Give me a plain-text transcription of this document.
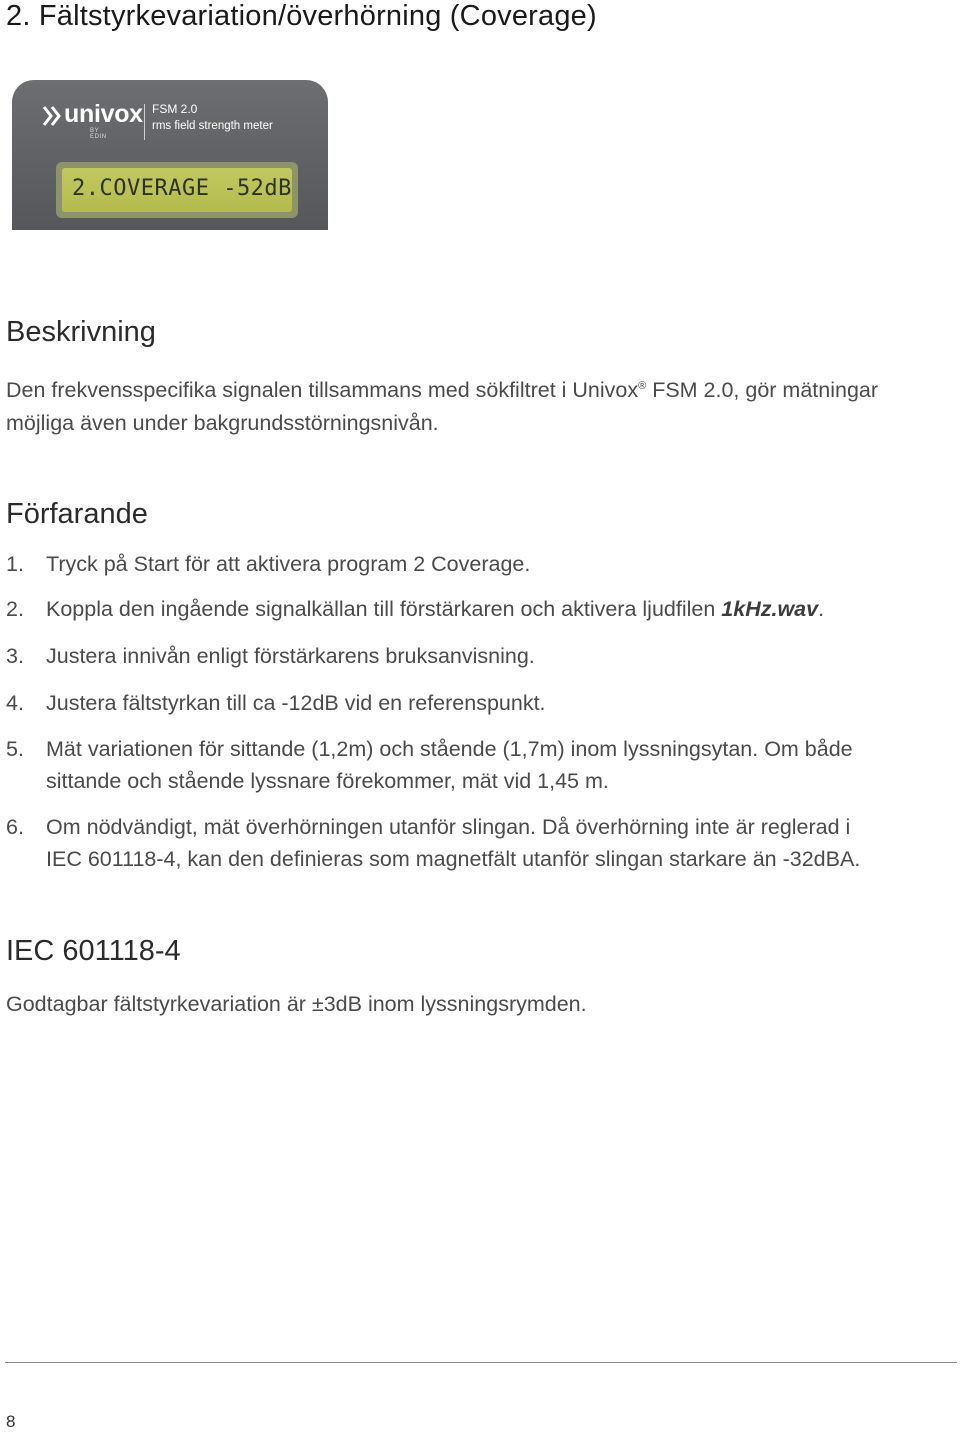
2. Fältstyrkevariation/överhörning (Coverage)
univox
BY EDIN
FSM 2.0
rms field strength meter
2.COVERAGE -52dB
Beskrivning

Den frekvensspecifika signalen tillsammans med sökfiltret i Univox® FSM 2.0, gör mätningar
möjliga även under bakgrundsstörningsnivån.

Förfarande
1.	Tryck på Start för att aktivera program 2 Coverage.
2.	Koppla den ingående signalkällan till förstärkaren och aktivera ljudfilen 1kHz.wav.
3.	Justera innivån enligt förstärkarens bruksanvisning.
4.	Justera fältstyrkan till ca -12dB vid en referenspunkt.
5.	Mät variationen för sittande (1,2m) och stående (1,7m) inom lyssningsytan. Om både
sittande och stående lyssnare förekommer, mät vid 1,45 m.
6.	Om nödvändigt, mät överhörningen utanför slingan. Då överhörning inte är reglerad i
IEC 601118-4, kan den definieras som magnetfält utanför slingan starkare än -32dBA.
IEC 601118-4

Godtagbar fältstyrkevariation är ±3dB inom lyssningsrymden.

8
